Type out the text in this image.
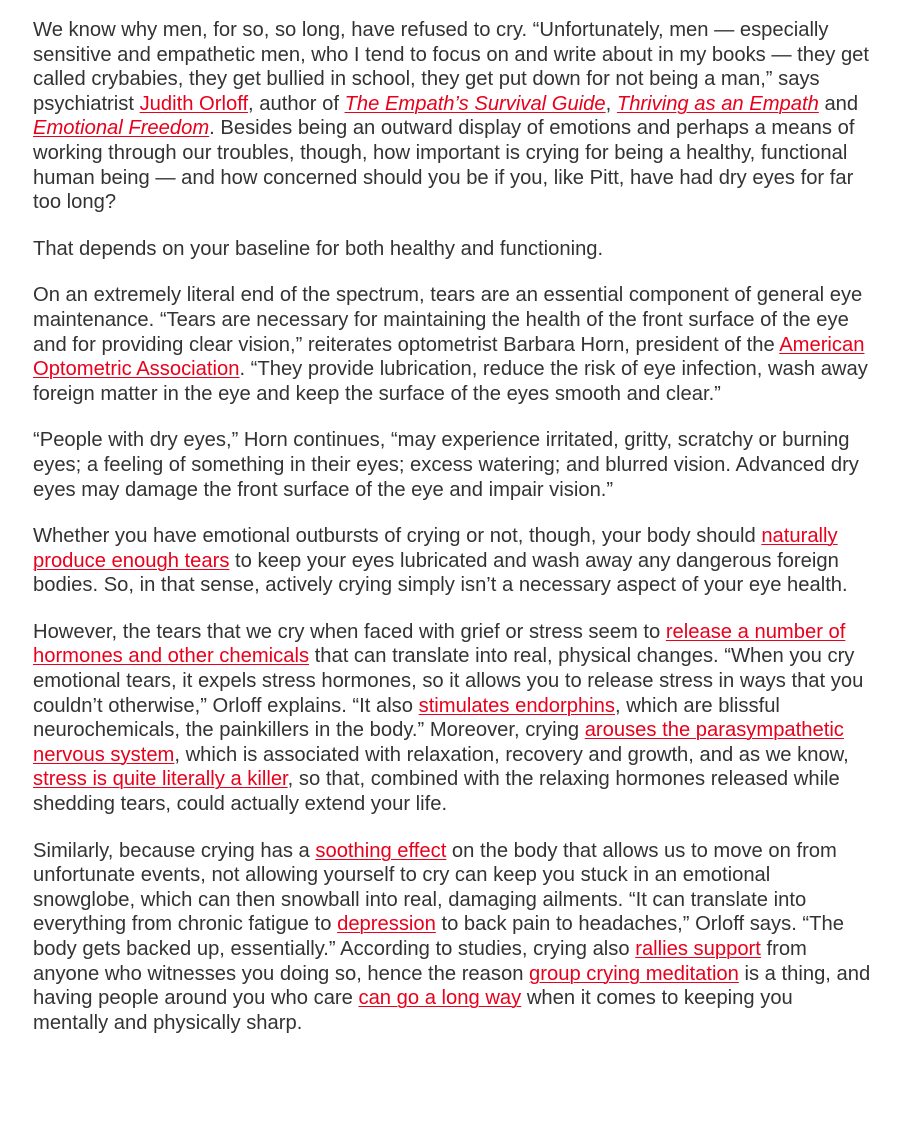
We know why men, for so, so long, have refused to cry. “Unfortunately, men — especially sensitive and empathetic men, who I tend to focus on and write about in my books — they get called crybabies, they get bullied in school, they get put down for not being a man,” says psychiatrist Judith Orloff, author of The Empath’s Survival Guide, Thriving as an Empath and Emotional Freedom. Besides being an outward display of emotions and perhaps a means of working through our troubles, though, how important is crying for being a healthy, functional human being — and how concerned should you be if you, like Pitt, have had dry eyes for far too long?

That depends on your baseline for both healthy and functioning.

On an extremely literal end of the spectrum, tears are an essential component of general eye maintenance. “Tears are necessary for maintaining the health of the front surface of the eye and for providing clear vision,” reiterates optometrist Barbara Horn, president of the American Optometric Association. “They provide lubrication, reduce the risk of eye infection, wash away foreign matter in the eye and keep the surface of the eyes smooth and clear.”

“People with dry eyes,” Horn continues, “may experience irritated, gritty, scratchy or burning eyes; a feeling of something in their eyes; excess watering; and blurred vision. Advanced dry eyes may damage the front surface of the eye and impair vision.”

Whether you have emotional outbursts of crying or not, though, your body should naturally produce enough tears to keep your eyes lubricated and wash away any dangerous foreign bodies. So, in that sense, actively crying simply isn’t a necessary aspect of your eye health.

However, the tears that we cry when faced with grief or stress seem to release a number of hormones and other chemicals that can translate into real, physical changes. “When you cry emotional tears, it expels stress hormones, so it allows you to release stress in ways that you couldn’t otherwise,” Orloff explains. “It also stimulates endorphins, which are blissful neurochemicals, the painkillers in the body.” Moreover, crying arouses the parasympathetic nervous system, which is associated with relaxation, recovery and growth, and as we know, stress is quite literally a killer, so that, combined with the relaxing hormones released while shedding tears, could actually extend your life.

Similarly, because crying has a soothing effect on the body that allows us to move on from unfortunate events, not allowing yourself to cry can keep you stuck in an emotional snowglobe, which can then snowball into real, damaging ailments. “It can translate into everything from chronic fatigue to depression to back pain to headaches,” Orloff says. “The body gets backed up, essentially.” According to studies, crying also rallies support from anyone who witnesses you doing so, hence the reason group crying meditation is a thing, and having people around you who care can go a long way when it comes to keeping you mentally and physically sharp.
